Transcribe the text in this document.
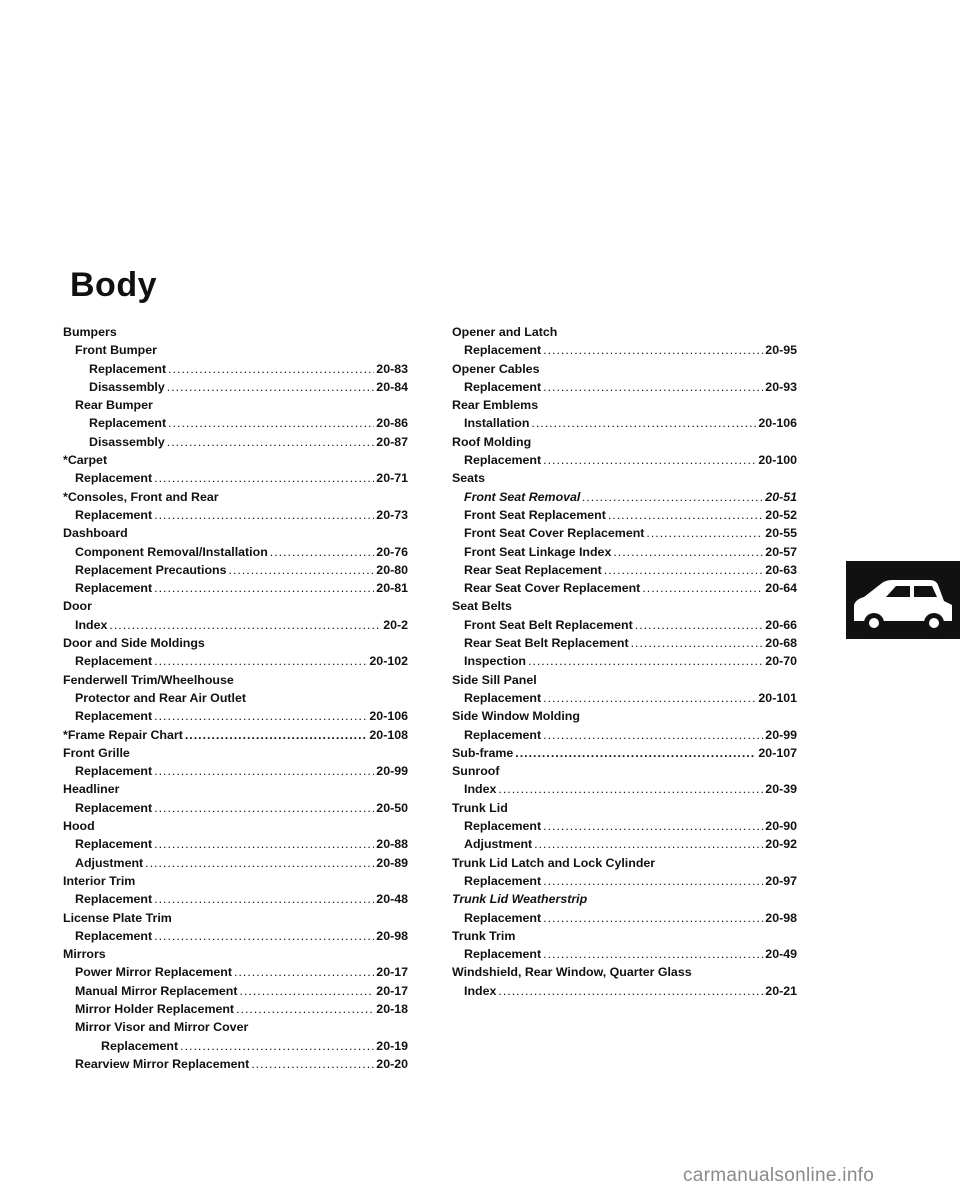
Body
Bumpers
Front Bumper
Replacement .....	20-83
Disassembly .....	20-84
Rear Bumper
Replacement .....	20-86
Disassembly .....	20-87
*Carpet
Replacement .....	20-71
*Consoles, Front and Rear
Replacement .....	20-73
Dashboard
Component Removal/Installation .....	20-76
Replacement Precautions .....	20-80
Replacement .....	20-81
Door
Index .....	20-2
Door and Side Moldings
Replacement .....	20-102
Fenderwell Trim/Wheelhouse
Protector and Rear Air Outlet
Replacement .....	20-106
*Frame Repair Chart .....	20-108
Front Grille
Replacement .....	20-99
Headliner
Replacement .....	20-50
Hood
Replacement .....	20-88
Adjustment .....	20-89
Interior Trim
Replacement .....	20-48
License Plate Trim
Replacement .....	20-98
Mirrors
Power Mirror Replacement .....	20-17
Manual Mirror Replacement .....	20-17
Mirror Holder Replacement .....	20-18
Mirror Visor and Mirror Cover
Replacement .....	20-19
Rearview Mirror Replacement .....	20-20
Opener and Latch
Replacement .....	20-95
Opener Cables
Replacement .....	20-93
Rear Emblems
Installation .....	20-106
Roof Molding
Replacement .....	20-100
Seats
Front Seat Removal .....	20-51
Front Seat Replacement .....	20-52
Front Seat Cover Replacement .....	20-55
Front Seat Linkage Index .....	20-57
Rear Seat Replacement .....	20-63
Rear Seat Cover Replacement .....	20-64
Seat Belts
Front Seat Belt Replacement .....	20-66
Rear Seat Belt Replacement .....	20-68
Inspection .....	20-70
Side Sill Panel
Replacement .....	20-101
Side Window Molding
Replacement .....	20-99
Sub-frame .....	20-107
Sunroof
Index .....	20-39
Trunk Lid
Replacement .....	20-90
Adjustment .....	20-92
Trunk Lid Latch and Lock Cylinder
Replacement .....	20-97
Trunk Lid Weatherstrip
Replacement .....	20-98
Trunk Trim
Replacement .....	20-49
Windshield, Rear Window, Quarter Glass
Index .....	20-21
carmanualsonline.info
